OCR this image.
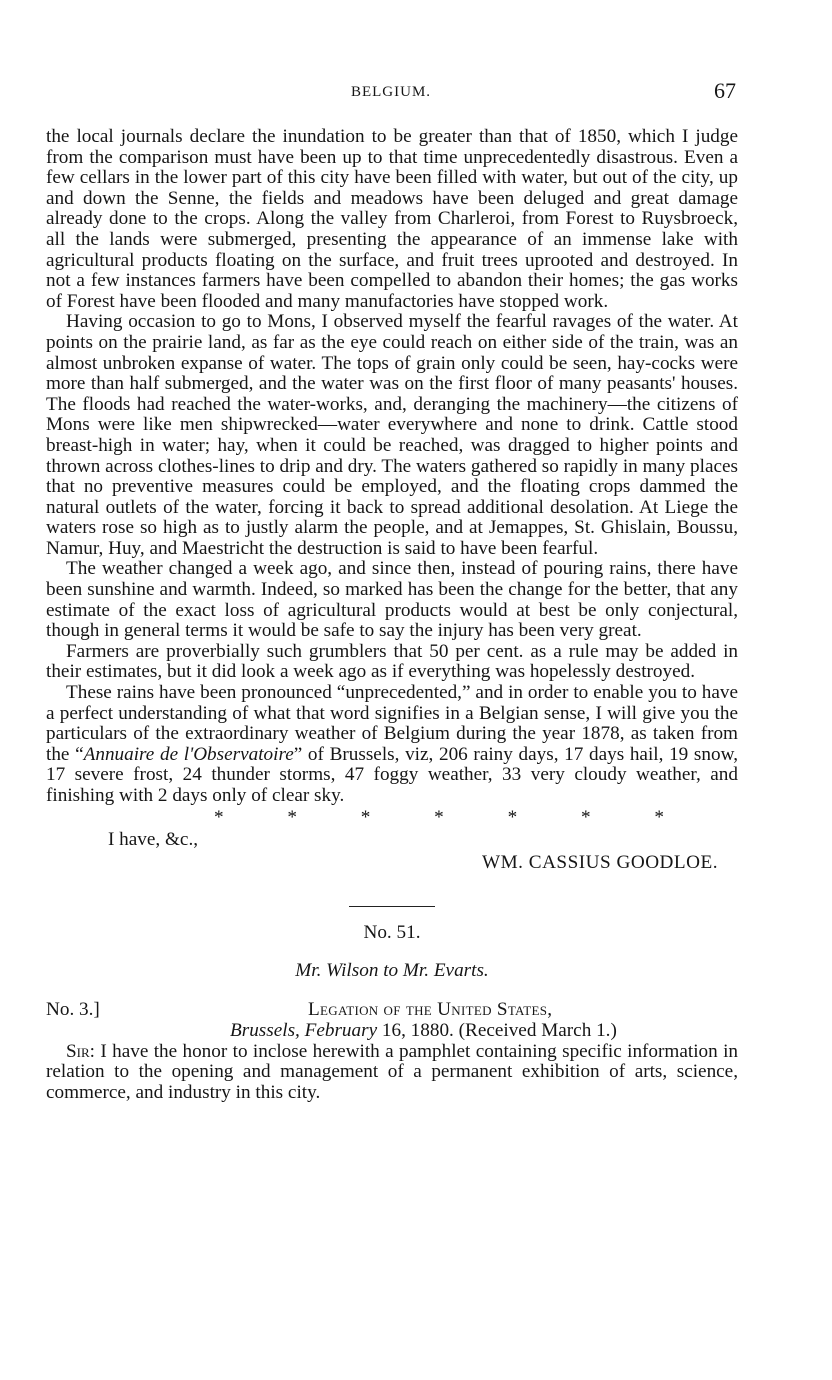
BELGIUM.	67

the local journals declare the inundation to be greater than that of 1850, which I judge from the comparison must have been up to that time unprecedentedly disastrous. Even a few cellars in the lower part of this city have been filled with water, but out of the city, up and down the Senne, the fields and meadows have been deluged and great damage already done to the crops. Along the valley from Charleroi, from Forest to Ruysbroeck, all the lands were submerged, presenting the appearance of an immense lake with agricultural products floating on the surface, and fruit trees uprooted and destroyed. In not a few instances farmers have been compelled to abandon their homes; the gas works of Forest have been flooded and many manufactories have stopped work.

Having occasion to go to Mons, I observed myself the fearful ravages of the water. At points on the prairie land, as far as the eye could reach on either side of the train, was an almost unbroken expanse of water. The tops of grain only could be seen, hay-cocks were more than half submerged, and the water was on the first floor of many peasants' houses. The floods had reached the water-works, and, deranging the machinery—the citizens of Mons were like men shipwrecked—water everywhere and none to drink. Cattle stood breast-high in water; hay, when it could be reached, was dragged to higher points and thrown across clothes-lines to drip and dry. The waters gathered so rapidly in many places that no preventive measures could be employed, and the floating crops dammed the natural outlets of the water, forcing it back to spread additional desolation. At Liege the waters rose so high as to justly alarm the people, and at Jemappes, St. Ghislain, Boussu, Namur, Huy, and Maestricht the destruction is said to have been fearful.

The weather changed a week ago, and since then, instead of pouring rains, there have been sunshine and warmth. Indeed, so marked has been the change for the better, that any estimate of the exact loss of agricultural products would at best be only conjectural, though in general terms it would be safe to say the injury has been very great.

Farmers are proverbially such grumblers that 50 per cent. as a rule may be added in their estimates, but it did look a week ago as if everything was hopelessly destroyed.

These rains have been pronounced “unprecedented,” and in order to enable you to have a perfect understanding of what that word signifies in a Belgian sense, I will give you the particulars of the extraordinary weather of Belgium during the year 1878, as taken from the “Annuaire de l'Observatoire” of Brussels, viz, 206 rainy days, 17 days hail, 19 snow, 17 severe frost, 24 thunder storms, 47 foggy weather, 33 very cloudy weather, and finishing with 2 days only of clear sky.

*	*	*	*	*	*	*
I have, &c.,
WM. CASSIUS GOODLOE.
No. 51.
Mr. Wilson to Mr. Evarts.
No. 3.]	Legation of the United States,
Brussels, February 16, 1880. (Received March 1.)

Sir: I have the honor to inclose herewith a pamphlet containing specific information in relation to the opening and management of a permanent exhibition of arts, science, commerce, and industry in this city.
